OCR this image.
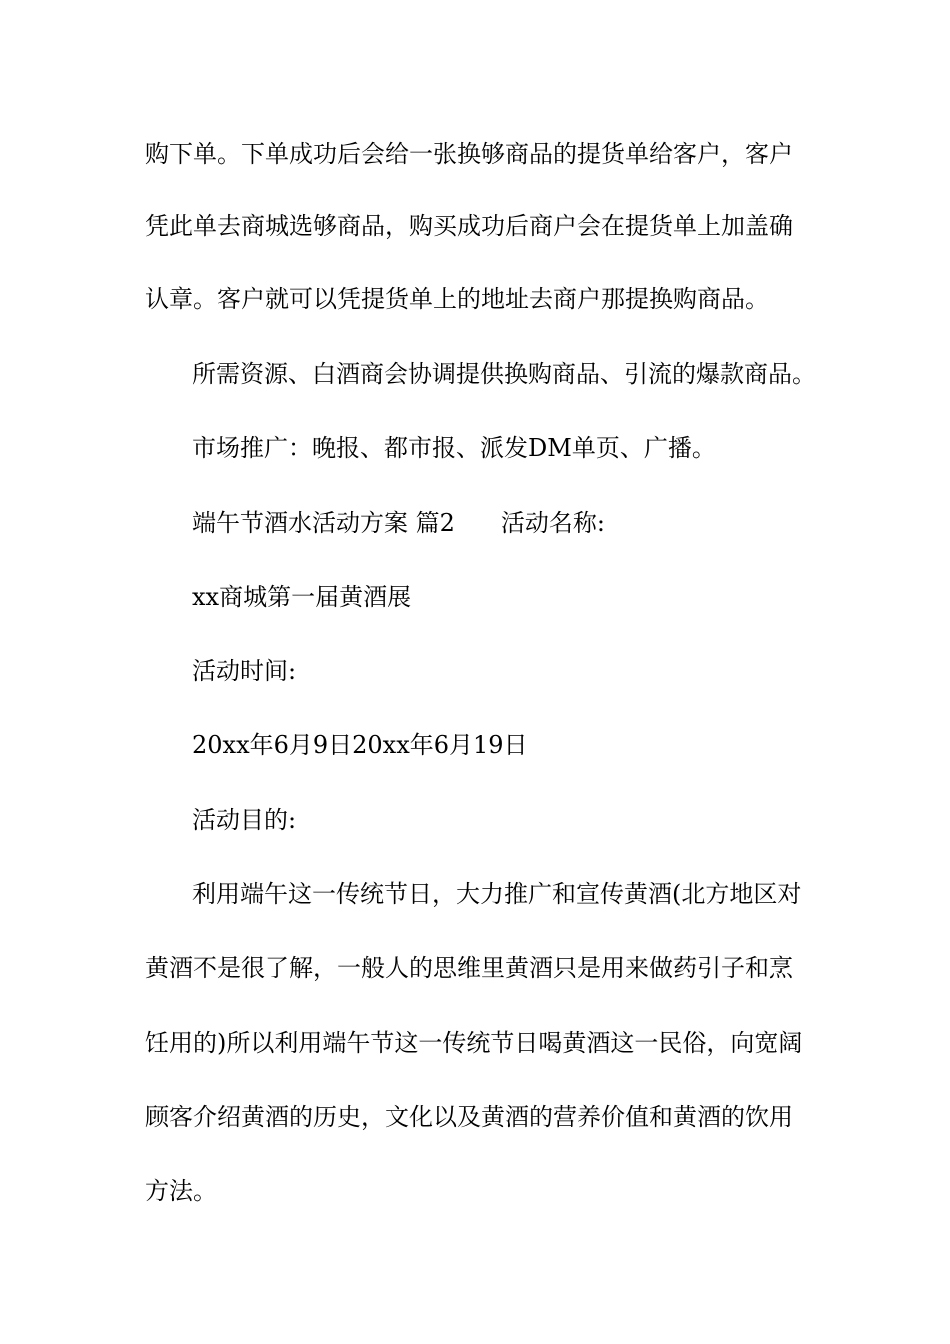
购下单。下单成功后会给一张换够商品的提货单给客户，客户
凭此单去商城选够商品，购买成功后商户会在提货单上加盖确
认章。客户就可以凭提货单上的地址去商户那提换购商品。
所需资源、白酒商会协调提供换购商品、引流的爆款商品。
市场推广：晚报、都市报、派发DM单页、广播。
端午节酒水活动方案 篇2 活动名称:
xx商城第一届黄酒展
活动时间:
20xx年6月9日20xx年6月19日
活动目的:
利用端午这一传统节日，大力推广和宣传黄酒(北方地区对
黄酒不是很了解，一般人的思维里黄酒只是用来做药引子和烹
饪用的)所以利用端午节这一传统节日喝黄酒这一民俗，向宽阔
顾客介绍黄酒的历史，文化以及黄酒的营养价值和黄酒的饮用
方法。
